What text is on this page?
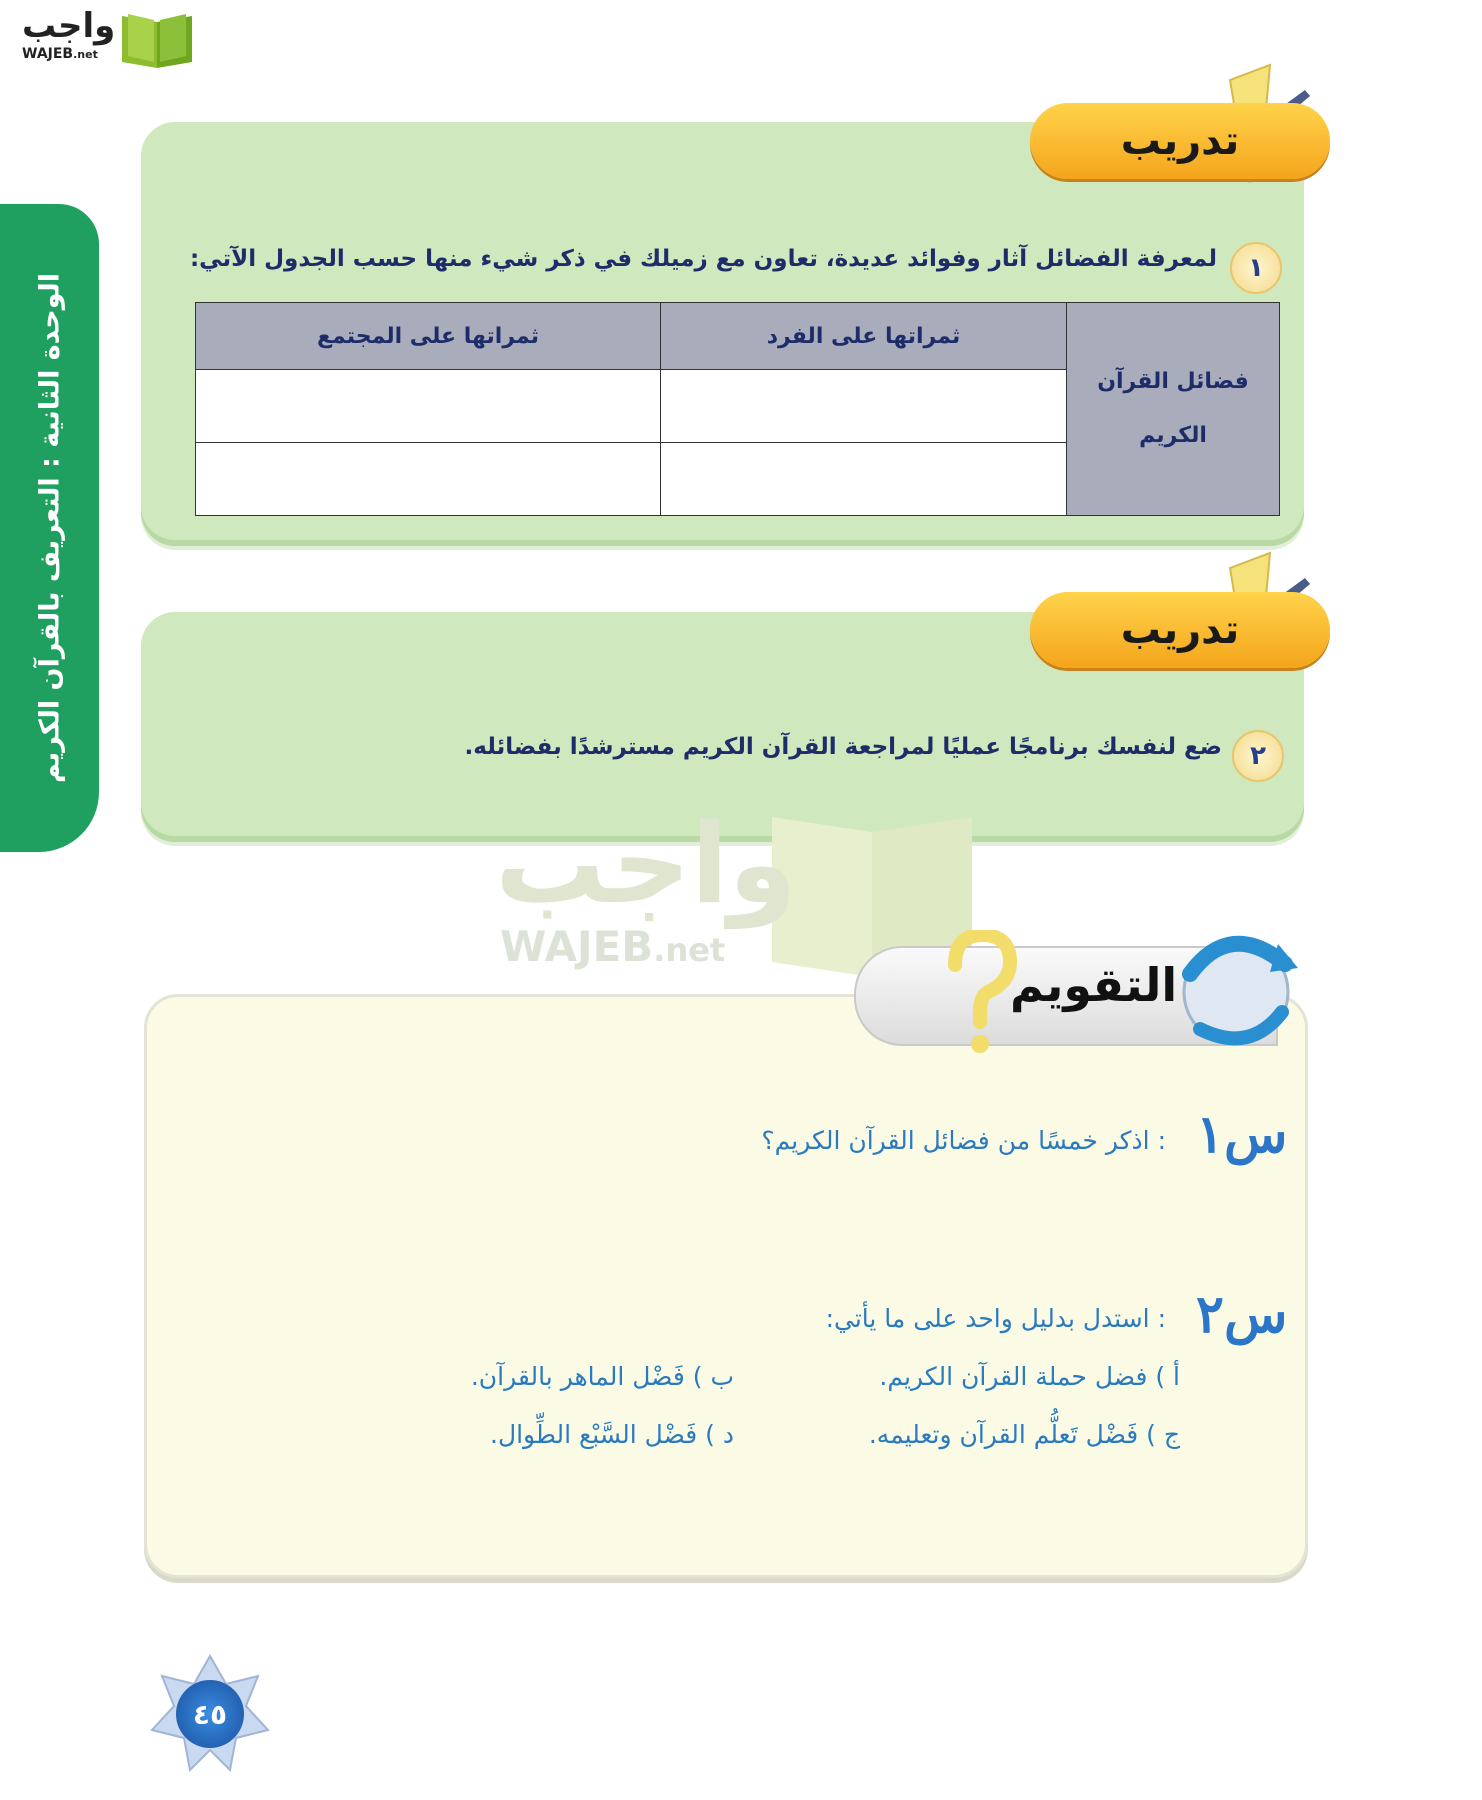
واجب
WAJEB.net
الوحدة الثانية : التعريف بالقرآن الكريم
تدريب
١
لمعرفة الفضائل آثار وفوائد عديدة، تعاون مع زميلك في ذكر شيء منها حسب الجدول الآتي:
فضائل القرآن
الكريم	ثمراتها على الفرد	ثمراتها على المجتمع

تدريب
٢
ضع لنفسك برنامجًا عمليًا لمراجعة القرآن الكريم مسترشدًا بفضائله.
واجب
WAJEB.net
التقويم
س١
: اذكر خمسًا من فضائل القرآن الكريم؟
س٢
: استدل بدليل واحد على ما يأتي:
أ ) فضل حملة القرآن الكريم.
ب ) فَضْل الماهر بالقرآن.
ج ) فَضْل تَعلُّم القرآن وتعليمه.
د ) فَضْل السَّبْع الطِّوال.
٤٥
